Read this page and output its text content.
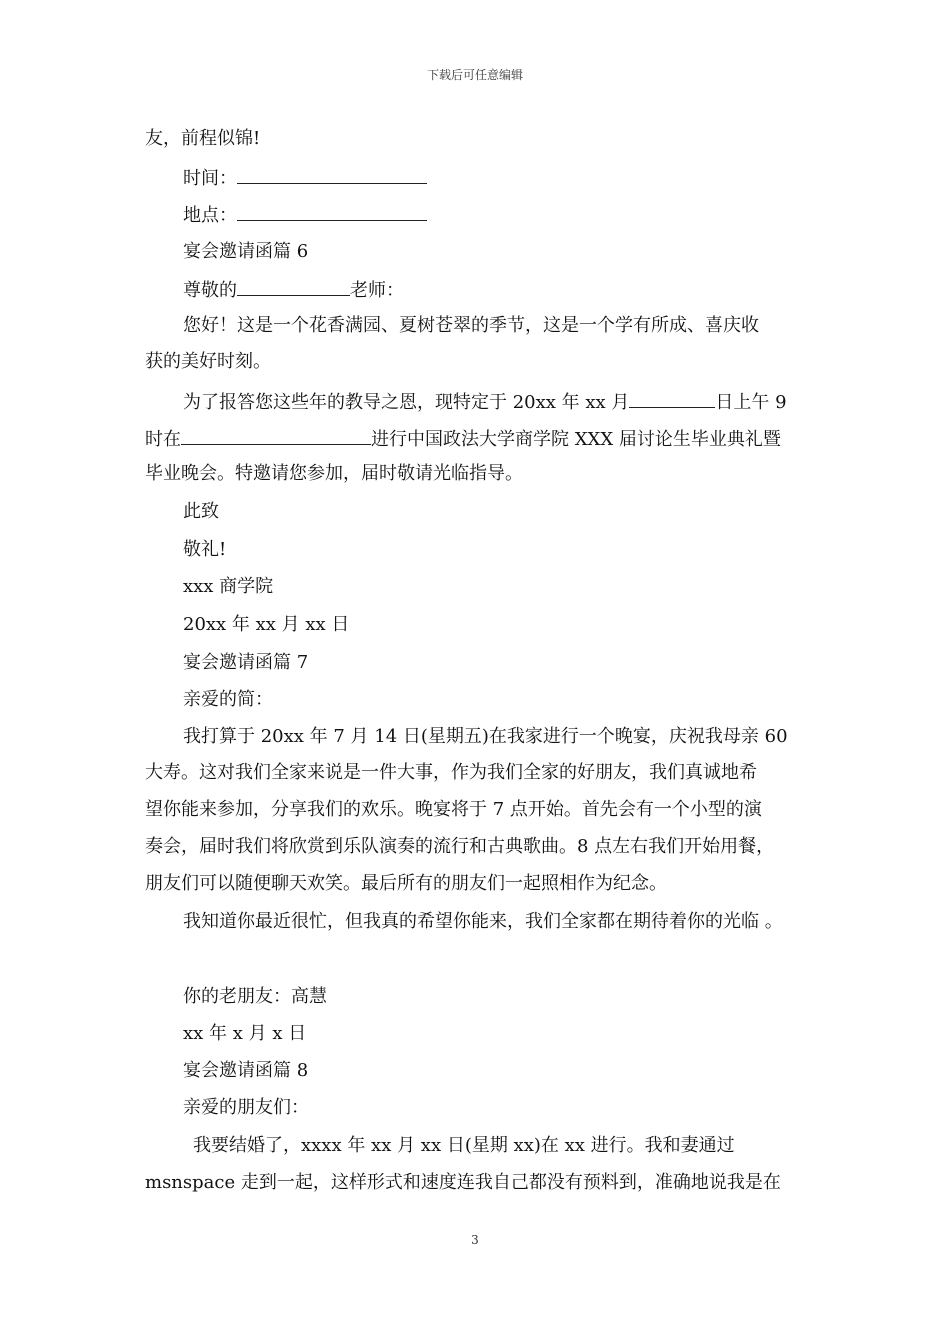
下载后可任意编辑
友，前程似锦!
时间：
地点：
宴会邀请函篇 6
尊敬的	老师：
您好！这是一个花香满园、夏树苍翠的季节，这是一个学有所成、喜庆收
获的美好时刻。
为了报答您这些年的教导之恩，现特定于 20xx 年 xx 月	日上午 9
时在	进行中国政法大学商学院 XXX 届讨论生毕业典礼暨
毕业晚会。特邀请您参加，届时敬请光临指导。
此致
敬礼!
xxx 商学院
20xx 年 xx 月 xx 日
宴会邀请函篇 7
亲爱的简：
我打算于 20xx 年 7 月 14 日(星期五)在我家进行一个晚宴，庆祝我母亲 60
大寿。这对我们全家来说是一件大事，作为我们全家的好朋友，我们真诚地希
望你能来参加，分享我们的欢乐。晚宴将于 7 点开始。首先会有一个小型的演
奏会，届时我们将欣赏到乐队演奏的流行和古典歌曲。8 点左右我们开始用餐，
朋友们可以随便聊天欢笑。最后所有的朋友们一起照相作为纪念。
我知道你最近很忙，但我真的希望你能来，我们全家都在期待着你的光临 。
你的老朋友：高慧
xx 年 x 月 x 日
宴会邀请函篇 8
亲爱的朋友们：
我要结婚了，xxxx 年 xx 月 xx 日(星期 xx)在 xx 进行。我和妻通过
msnspace 走到一起，这样形式和速度连我自己都没有预料到，准确地说我是在
3
